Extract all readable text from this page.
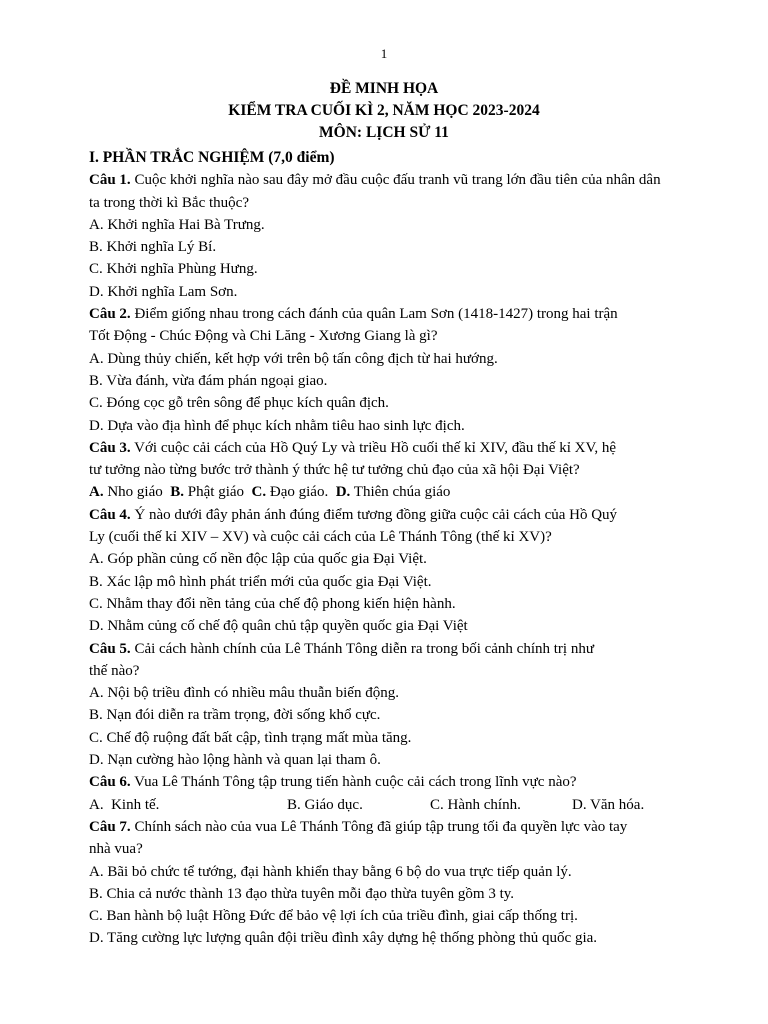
1
ĐỀ MINH HỌA
KIỂM TRA CUỐI KÌ 2, NĂM HỌC 2023-2024
MÔN: LỊCH SỬ 11
I. PHẦN TRẮC NGHIỆM (7,0 điểm)
Câu 1. Cuộc khởi nghĩa nào sau đây mở đầu cuộc đấu tranh vũ trang lớn đầu tiên của nhân dân
ta trong thời kì Bắc thuộc?
A. Khởi nghĩa Hai Bà Trưng.
B. Khởi nghĩa Lý Bí.
C. Khởi nghĩa Phùng Hưng.
D. Khởi nghĩa Lam Sơn.
Câu 2. Điểm giống nhau trong cách đánh của quân Lam Sơn (1418-1427) trong hai trận
Tốt Động - Chúc Động và Chi Lăng - Xương Giang là gì?
A. Dùng thủy chiến, kết hợp với trên bộ tấn công địch từ hai hướng.
B. Vừa đánh, vừa đám phán ngoại giao.
C. Đóng cọc gỗ trên sông để phục kích quân địch.
D. Dựa vào địa hình để phục kích nhằm tiêu hao sinh lực địch.
Câu 3. Với cuộc cải cách của Hồ Quý Ly và triều Hồ cuối thế kỉ XIV, đầu thế kỉ XV, hệ
tư tưởng nào từng bước trở thành ý thức hệ tư tưởng chủ đạo của xã hội Đại Việt?
A. Nho giáo  B. Phật giáo  C. Đạo giáo.  D. Thiên chúa giáo
Câu 4. Ý nào dưới đây phản ánh đúng điểm tương đồng giữa cuộc cải cách của Hồ Quý
Ly (cuối thế kỉ XIV – XV) và cuộc cải cách của Lê Thánh Tông (thế kỉ XV)?
A. Góp phần củng cố nền độc lập của quốc gia Đại Việt.
B. Xác lập mô hình phát triển mới của quốc gia Đại Việt.
C. Nhằm thay đổi nền tảng của chế độ phong kiến hiện hành.
D. Nhằm củng cố chế độ quân chủ tập quyền quốc gia Đại Việt
Câu 5. Cải cách hành chính của Lê Thánh Tông diễn ra trong bối cảnh chính trị như
thế nào?
A. Nội bộ triều đình có nhiều mâu thuẫn biến động.
B. Nạn đói diễn ra trầm trọng, đời sống khổ cực.
C. Chế độ ruộng đất bất cập, tình trạng mất mùa tăng.
D. Nạn cường hào lộng hành và quan lại tham ô.
Câu 6. Vua Lê Thánh Tông tập trung tiến hành cuộc cải cách trong lĩnh vực nào?
A.  Kinh tế.	B. Giáo dục.	C. Hành chính.	D. Văn hóa.
Câu 7. Chính sách nào của vua Lê Thánh Tông đã giúp tập trung tối đa quyền lực vào tay
nhà vua?
A. Bãi bỏ chức tể tướng, đại hành khiển thay bằng 6 bộ do vua trực tiếp quản lý.
B. Chia cả nước thành 13 đạo thừa tuyên mỗi đạo thừa tuyên gồm 3 ty.
C. Ban hành bộ luật Hồng Đức để bảo vệ lợi ích của triều đình, giai cấp thống trị.
D. Tăng cường lực lượng quân đội triều đình xây dựng hệ thống phòng thủ quốc gia.
